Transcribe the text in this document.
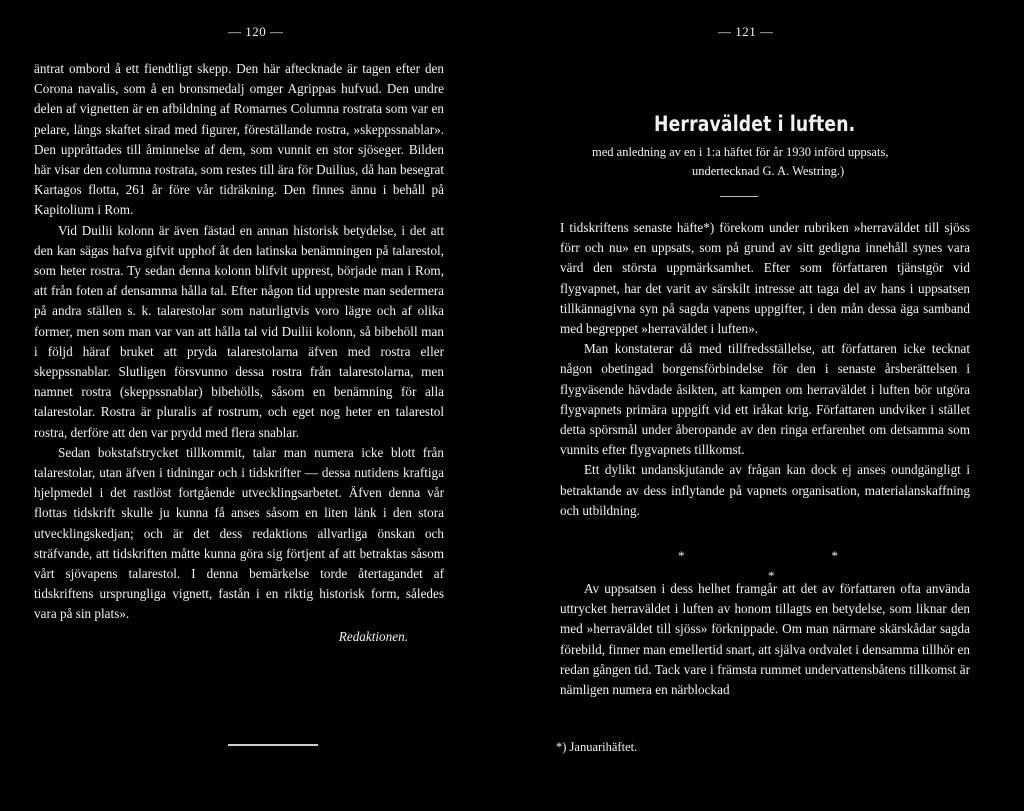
— 120 —	— 121 —

äntrat ombord å ett fiendtligt skepp. Den här aftecknade är tagen efter den Corona navalis, som å en bronsmedalj omger Agrippas hufvud. Den undre delen af vignetten är en afbildning af Romarnes Columna rostrata som var en pelare, längs skaftet sirad med figurer, föreställande rostra, »skeppssnablar». Den uppråttades till åminnelse af dem, som vunnit en stor sjöseger. Bilden här visar den columna rostrata, som restes till ära för Duilius, då han besegrat Kartagos flotta, 261 år före vår tidräkning. Den finnes ännu i behåll på Kapitolium i Rom.

Vid Duilii kolonn är även fästad en annan historisk betydelse, i det att den kan sägas hafva gifvit upphof åt den latinska benämningen på talarestol, som heter rostra. Ty sedan denna kolonn blifvit upprest, började man i Rom, att från foten af densamma hålla tal. Efter någon tid uppreste man sedermera på andra ställen s. k. talarestolar som naturligtvis voro lägre och af olika former, men som man var van att hålla tal vid Duilii kolonn, så bibehöll man i följd häraf bruket att pryda talarestolarna äfven med rostra eller skeppssnablar. Slutligen försvunno dessa rostra från talarestolarna, men namnet rostra (skeppssnablar) bibehölls, såsom en benämning för alla talarestolar. Rostra är pluralis af rostrum, och eget nog heter en talarestol rostra, derföre att den var prydd med flera snablar.

Sedan bokstafstrycket tillkommit, talar man numera icke blott från talarestolar, utan äfven i tidningar och i tidskrifter — dessa nutidens kraftiga hjelpmedel i det rastlöst fortgående utvecklingsarbetet. Äfven denna vår flottas tidskrift skulle ju kunna få anses såsom en liten länk i den stora utvecklingskedjan; och är det dess redaktions allvarliga önskan och sträfvande, att tidskriften måtte kunna göra sig förtjent af att betraktas såsom vårt sjövapens talarestol. I denna bemärkelse torde återtagandet af tidskriftens ursprungliga vignett, fastån i en riktig historisk form, således vara på sin plats».

Redaktionen.
Herraväldet i luften.
med anledning av en i 1:a häftet för år 1930 införd uppsats,
undertecknad G. A. Westring.)

I tidskriftens senaste häfte*) förekom under rubriken »herraväldet till sjöss förr och nu» en uppsats, som på grund av sitt gedigna innehåll synes vara värd den största uppmärksamhet. Efter som författaren tjänstgör vid flygvapnet, har det varit av särskilt intresse att taga del av hans i uppsatsen tillkännagivna syn på sagda vapens uppgifter, i den mån dessa äga samband med begreppet »herraväldet i luften».

Man konstaterar då med tillfredsställelse, att författaren icke tecknat någon obetingad borgensförbindelse för den i senaste årsberättelsen i flygväsende hävdade åsikten, att kampen om herraväldet i luften bör utgöra flygvapnets primära uppgift vid ett iråkat krig. Författaren undviker i stället detta spörsmål under åberopande av den ringa erfarenhet om detsamma som vunnits efter flygvapnets tillkomst.

Ett dylikt undanskjutande av frågan kan dock ej anses oundgängligt i betraktande av dess inflytande på vapnets organisation, materialanskaffning och utbildning.

Av uppsatsen i dess helhet framgår att det av författaren ofta använda uttrycket herraväldet i luften av honom tillagts en betydelse, som liknar den med »herraväldet till sjöss» förknippade. Om man närmare skärskådar sagda förebild, finner man emellertid snart, att själva ordvalet i densamma tillhör en redan gången tid. Tack vare i främsta rummet undervattensbåtens tillkomst är nämligen numera en närblockad

*	*
*
*) Januarihäftet.
